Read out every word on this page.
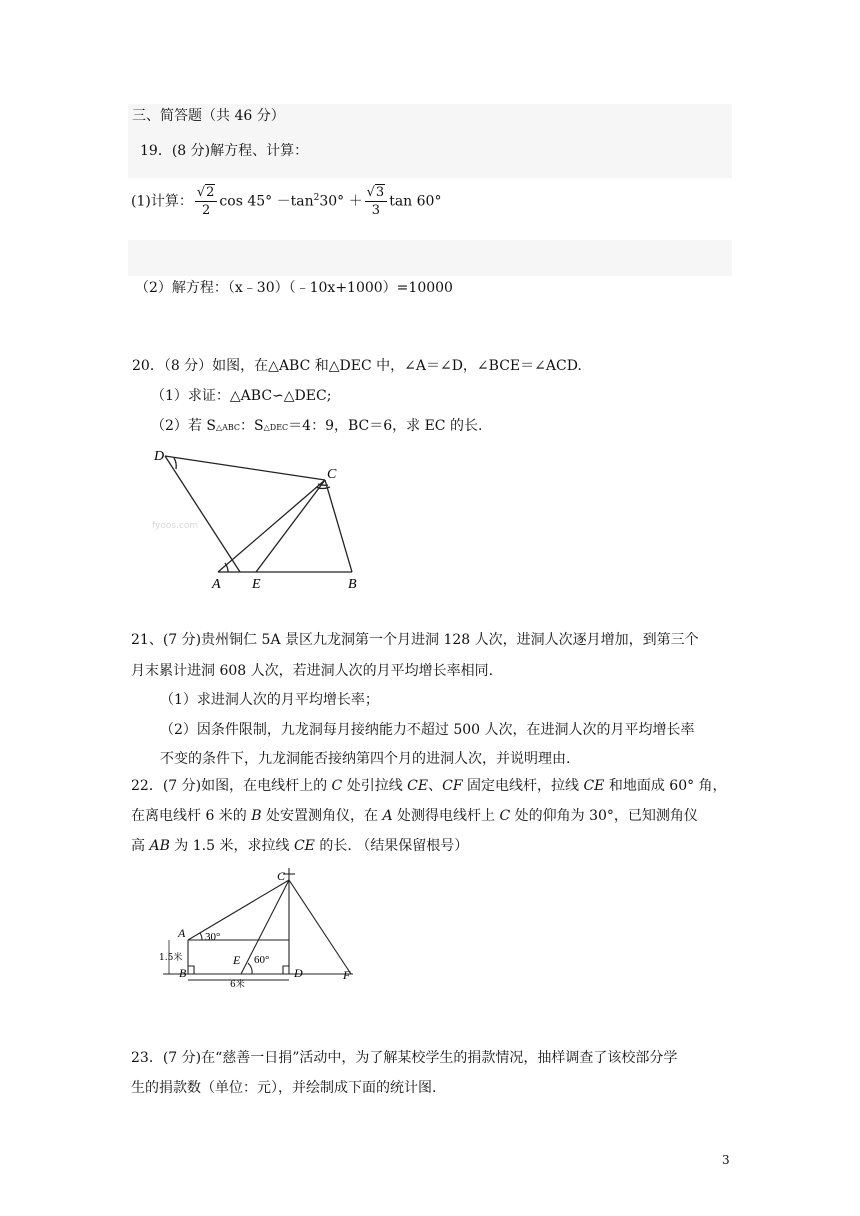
三、简答题（共 46 分）
19．(8 分)解方程、计算：
(1)计算： $\frac{√2}{2}$ $\cos 45^\circ -\tan^230^\circ + \frac{√3}{3}$ tan 60°
（2）解方程：（x﹣30）（﹣10x+1000）=10000
20．（8 分）如图，在△ABC 和△DEC 中，∠A＝∠D，∠BCE＝∠ACD.
（1）求证：△ABC∽△DEC;
（2）若 S△ABC：S△DEC＝4：9，BC＝6，求 EC 的长.
D
C
A E	B
fyoos.com
21、(7 分)贵州铜仁 5A 景区九龙洞第一个月进洞 128 人次，进洞人次逐月增加，到第三个
月末累计进洞 608 人次，若进洞人次的月平均增长率相同.
（1）求进洞人次的月平均增长率；
（2）因条件限制，九龙洞每月接纳能力不超过 500 人次，在进洞人次的月平均增长率
不变的条件下，九龙洞能否接纳第四个月的进洞人次，并说明理由.
22．(7 分)如图，在电线杆上的 C 处引拉线 CE、CF 固定电线杆，拉线 CE 和地面成 60° 角，
在离电线杆 6 米的 B 处安置测角仪，在 A 处测得电线杆上 C 处的仰角为 30°，已知测角仪
高 AB 为 1.5 米，求拉线 CE 的长. （结果保留根号）
C
A
B
E
D	F
30°
60°
1.5米
6米
23．(7 分)在“慈善一日捐”活动中，为了解某校学生的捐款情况，抽样调查了该校部分学
生的捐款数（单位：元），并绘制成下面的统计图.
3
